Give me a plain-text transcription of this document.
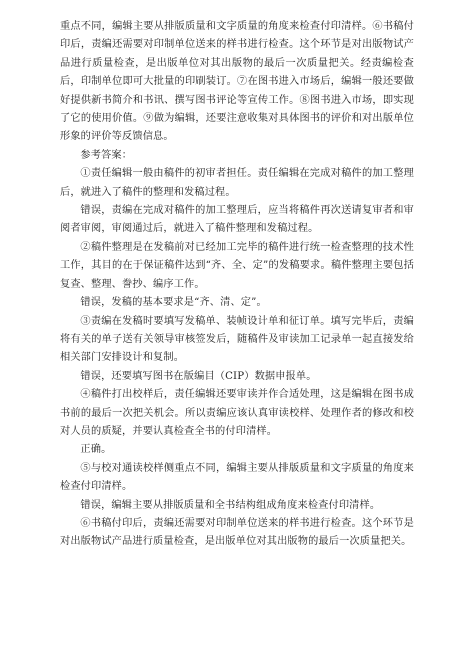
重点不同，编辑主要从排版质量和文字质量的角度来检查付印清样。⑥书稿付印后，责编还需要对印制单位送来的样书进行检查。这个环节是对出版物试产品进行质量检查，是出版单位对其出版物的最后一次质量把关。经责编检查后，印制单位即可大批量的印刷装订。⑦在图书进入市场后，编辑一般还要做好提供新书简介和书讯、撰写图书评论等宣传工作。⑧图书进入市场，即实现了它的使用价值。⑨做为编辑，还要注意收集对具体图书的评价和对出版单位形象的评价等反馈信息。

参考答案：

①责任编辑一般由稿件的初审者担任。责任编辑在完成对稿件的加工整理后，就进入了稿件的整理和发稿过程。

错误，责编在完成对稿件的加工整理后，应当将稿件再次送请复审者和审阅者审阅，审阅通过后，就进入了稿件整理和发稿过程。

②稿件整理是在发稿前对已经加工完毕的稿件进行统一检查整理的技术性工作，其目的在于保证稿件达到“齐、全、定”的发稿要求。稿件整理主要包括复查、整理、誊抄、编序工作。

错误，发稿的基本要求是“齐、清、定”。

③责编在发稿时要填写发稿单、装帧设计单和征订单。填写完毕后，责编将有关的单子送有关领导审核签发后，随稿件及审读加工记录单一起直接发给相关部门安排设计和复制。

错误，还要填写图书在版编目（CIP）数据申报单。

④稿件打出校样后，责任编辑还要审读并作合适处理，这是编辑在图书成书前的最后一次把关机会。所以责编应该认真审读校样、处理作者的修改和校对人员的质疑，并要认真检查全书的付印清样。

正确。

⑤与校对通读校样侧重点不同，编辑主要从排版质量和文字质量的角度来检查付印清样。

错误，编辑主要从排版质量和全书结构组成角度来检查付印清样。

⑥书稿付印后，责编还需要对印制单位送来的样书进行检查。这个环节是对出版物试产品进行质量检查，是出版单位对其出版物的最后一次质量把关。
